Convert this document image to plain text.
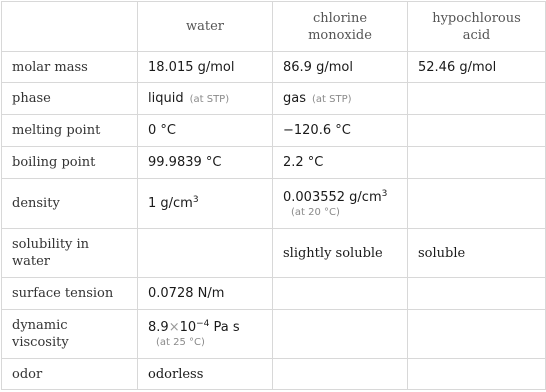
	water	chlorine monoxide	hypochlorous acid
molar mass	18.015 g/mol	86.9 g/mol	52.46 g/mol
phase	liquid (at STP)	gas (at STP)	
melting point	0 °C	−120.6 °C	
boiling point	99.9839 °C	2.2 °C	
density	1 $g/cm^3$	0.003552 $g/cm^3$
(at 20 °C)	

solubility in water		slightly soluble	soluble
surface tension	0.0728 N/m		
dynamic viscosity	$8.9\times 10^{-4}$ Pa s
(at 25 °C)		

odor	odorless		
